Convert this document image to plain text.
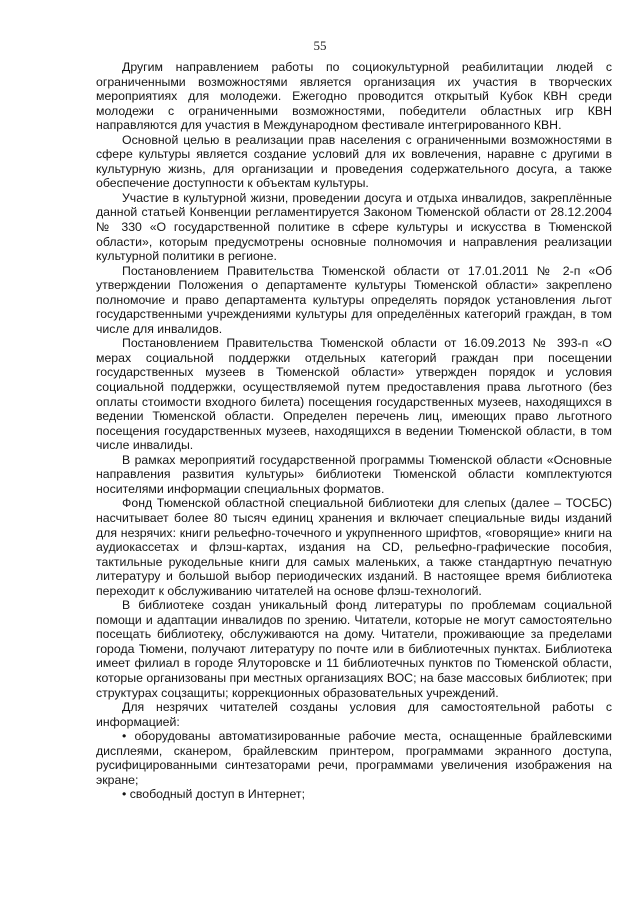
55

Другим направлением работы по социокультурной реабилитации людей с ограниченными возможностями является организация их участия в творческих мероприятиях для молодежи. Ежегодно проводится открытый Кубок КВН среди молодежи с ограниченными возможностями, победители областных игр КВН направляются для участия в Международном фестивале интегрированного КВН.

Основной целью в реализации прав населения с ограниченными возможностями в сфере культуры является создание условий для их вовлечения, наравне с другими в культурную жизнь, для организации и проведения содержательного досуга, а также обеспечение доступности к объектам культуры.

Участие в культурной жизни, проведении досуга и отдыха инвалидов, закреплённые данной статьей Конвенции регламентируется Законом Тюменской области от 28.12.2004 № 330 «О государственной политике в сфере культуры и искусства в Тюменской области», которым предусмотрены основные полномочия и направления реализации культурной политики в регионе.

Постановлением Правительства Тюменской области от 17.01.2011 № 2-п «Об утверждении Положения о департаменте культуры Тюменской области» закреплено полномочие и право департамента культуры определять порядок установления льгот государственными учреждениями культуры для определённых категорий граждан, в том числе для инвалидов.

Постановлением Правительства Тюменской области от 16.09.2013 № 393-п «О мерах социальной поддержки отдельных категорий граждан при посещении государственных музеев в Тюменской области» утвержден порядок и условия социальной поддержки, осуществляемой путем предоставления права льготного (без оплаты стоимости входного билета) посещения государственных музеев, находящихся в ведении Тюменской области. Определен перечень лиц, имеющих право льготного посещения государственных музеев, находящихся в ведении Тюменской области, в том числе инвалиды.

В рамках мероприятий государственной программы Тюменской области «Основные направления развития культуры» библиотеки Тюменской области комплектуются носителями информации специальных форматов.

Фонд Тюменской областной специальной библиотеки для слепых (далее – ТОСБС) насчитывает более 80 тысяч единиц хранения и включает специальные виды изданий для незрячих: книги рельефно-точечного и укрупненного шрифтов, «говорящие» книги на аудиокассетах и флэш-картах, издания на CD, рельефно-графические пособия, тактильные рукодельные книги для самых маленьких, а также стандартную печатную литературу и большой выбор периодических изданий. В настоящее время библиотека переходит к обслуживанию читателей на основе флэш-технологий.

В библиотеке создан уникальный фонд литературы по проблемам социальной помощи и адаптации инвалидов по зрению. Читатели, которые не могут самостоятельно посещать библиотеку, обслуживаются на дому. Читатели, проживающие за пределами города Тюмени, получают литературу по почте или в библиотечных пунктах. Библиотека имеет филиал в городе Ялуторовске и 11 библиотечных пунктов по Тюменской области, которые организованы при местных организациях ВОС; на базе массовых библиотек; при структурах соцзащиты; коррекционных образовательных учреждений.

Для незрячих читателей созданы условия для самостоятельной работы с информацией:

• оборудованы автоматизированные рабочие места, оснащенные брайлевскими дисплеями, сканером, брайлевским принтером, программами экранного доступа, русифицированными синтезаторами речи, программами увеличения изображения на экране;

• свободный доступ в Интернет;
